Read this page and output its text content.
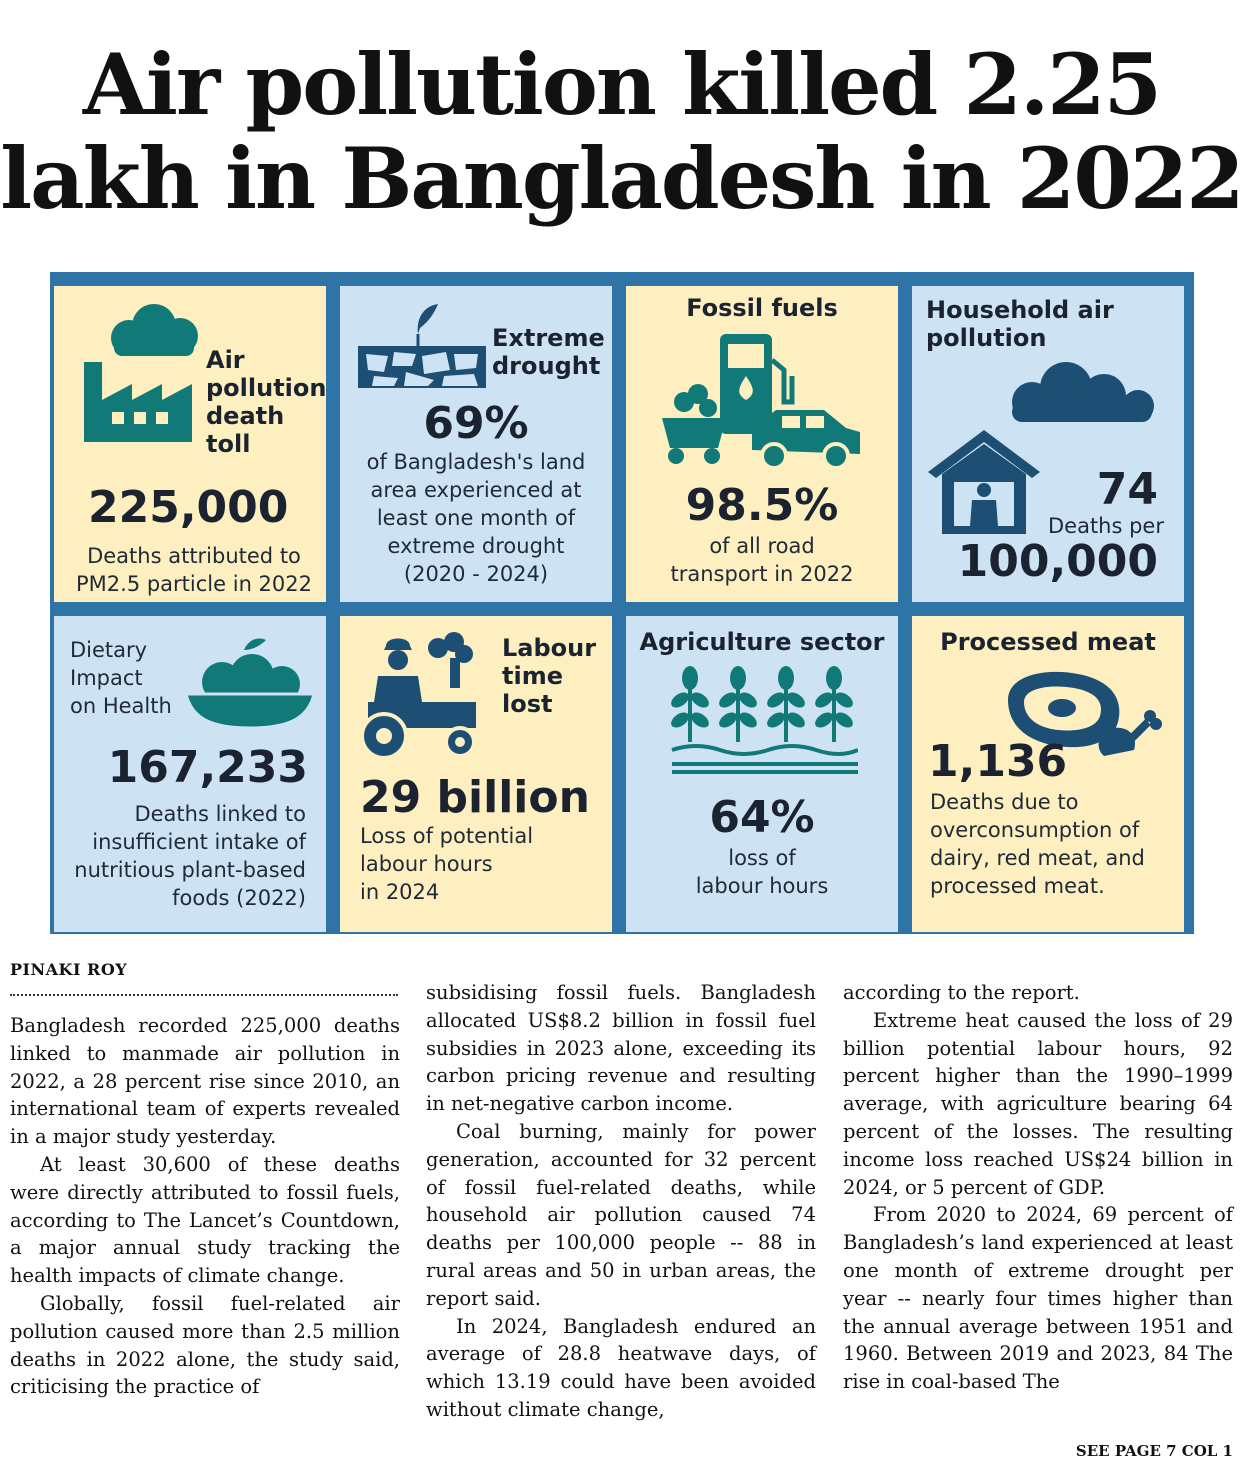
Air pollution killed 2.25
lakh in Bangladesh in 2022
Air
pollution
death
toll
225,000
Deaths attributed to
PM2.5 particle in 2022
Extreme
drought
69%
of Bangladesh's land
area experienced at
least one month of
extreme drought
(2020 - 2024)
Fossil fuels
98.5%
of all road
transport in 2022
Household air
pollution
74
Deaths per
100,000
Dietary
Impact
on Health
167,233
Deaths linked to
insufficient intake of
nutritious plant-based
foods (2022)
Labour
time
lost
29 billion
Loss of potential
labour hours
in 2024
Agriculture sector
64%
loss of
labour hours
Processed meat
1,136
Deaths due to
overconsumption of
dairy, red meat, and
processed meat.
PINAKI ROY

Bangladesh recorded 225,000 deaths linked to manmade air pollution in 2022, a 28 percent rise since 2010, an international team of experts revealed in a major study yesterday.

At least 30,600 of these deaths were directly attributed to fossil fuels, according to The Lancet’s Countdown, a major annual study tracking the health impacts of climate change.

Globally, fossil fuel-related air pollution caused more than 2.5 million deaths in 2022 alone, the study said, criticising the practice of

subsidising fossil fuels. Bangladesh allocated US$8.2 billion in fossil fuel subsidies in 2023 alone, exceeding its carbon pricing revenue and resulting in net-negative carbon income.

Coal burning, mainly for power generation, accounted for 32 percent of fossil fuel-related deaths, while household air pollution caused 74 deaths per 100,000 people -- 88 in rural areas and 50 in urban areas, the report said.

In 2024, Bangladesh endured an average of 28.8 heatwave days, of which 13.19 could have been avoided without climate change,

according to the report.

Extreme heat caused the loss of 29 billion potential labour hours, 92 percent higher than the 1990–1999 average, with agriculture bearing 64 percent of the losses. The resulting income loss reached US$24 billion in 2024, or 5 percent of GDP.

From 2020 to 2024, 69 percent of Bangladesh’s land experienced at least one month of extreme drought per year -- nearly four times higher than the annual average between 1951 and 1960. Between 2019 and 2023, 84 The rise in coal-based The

SEE PAGE 7 COL 1
